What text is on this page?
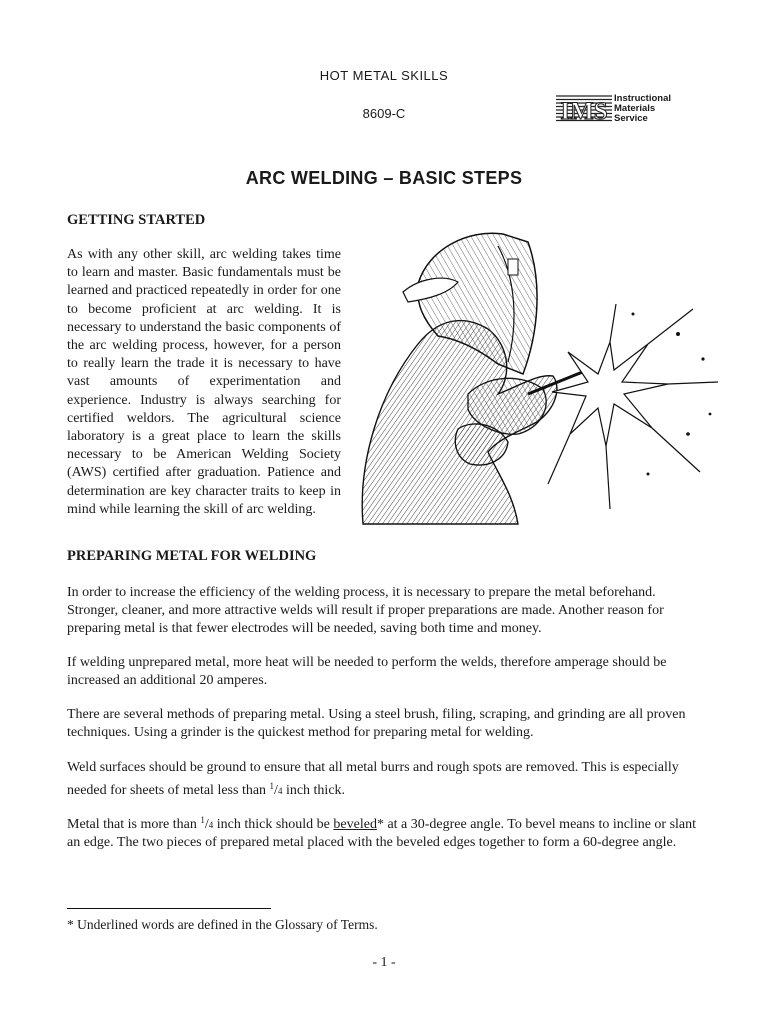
HOT METAL SKILLS
8609-C	IMS Instructional
Materials
Service
ARC WELDING – BASIC STEPS
GETTING STARTED
As with any other skill, arc welding takes time to learn and master. Basic fundamentals must be learned and practiced repeatedly in order for one to become proficient at arc welding. It is necessary to understand the basic components of the arc welding process, however, for a person to really learn the trade it is necessary to have vast amounts of experimentation and experience. Industry is always searching for certified weldors. The agricultural science laboratory is a great place to learn the skills necessary to be American Welding Society (AWS) certified after graduation. Patience and determination are key character traits to keep in mind while learning the skill of arc welding.
PREPARING METAL FOR WELDING
In order to increase the efficiency of the welding process, it is necessary to prepare the metal beforehand. Stronger, cleaner, and more attractive welds will result if proper preparations are made. Another reason for preparing metal is that fewer electrodes will be needed, saving both time and money.
If welding unprepared metal, more heat will be needed to perform the welds, therefore amperage should be increased an additional 20 amperes.
There are several methods of preparing metal. Using a steel brush, filing, scraping, and grinding are all proven techniques. Using a grinder is the quickest method for preparing metal for welding.
Weld surfaces should be ground to ensure that all metal burrs and rough spots are removed. This is especially needed for sheets of metal less than $^1$/4 inch thick.
Metal that is more than $^1$/4 inch thick should be beveled* at a 30-degree angle. To bevel means to incline or slant an edge. The two pieces of prepared metal placed with the beveled edges together to form a 60-degree angle.
* Underlined words are defined in the Glossary of Terms.
- 1 -
